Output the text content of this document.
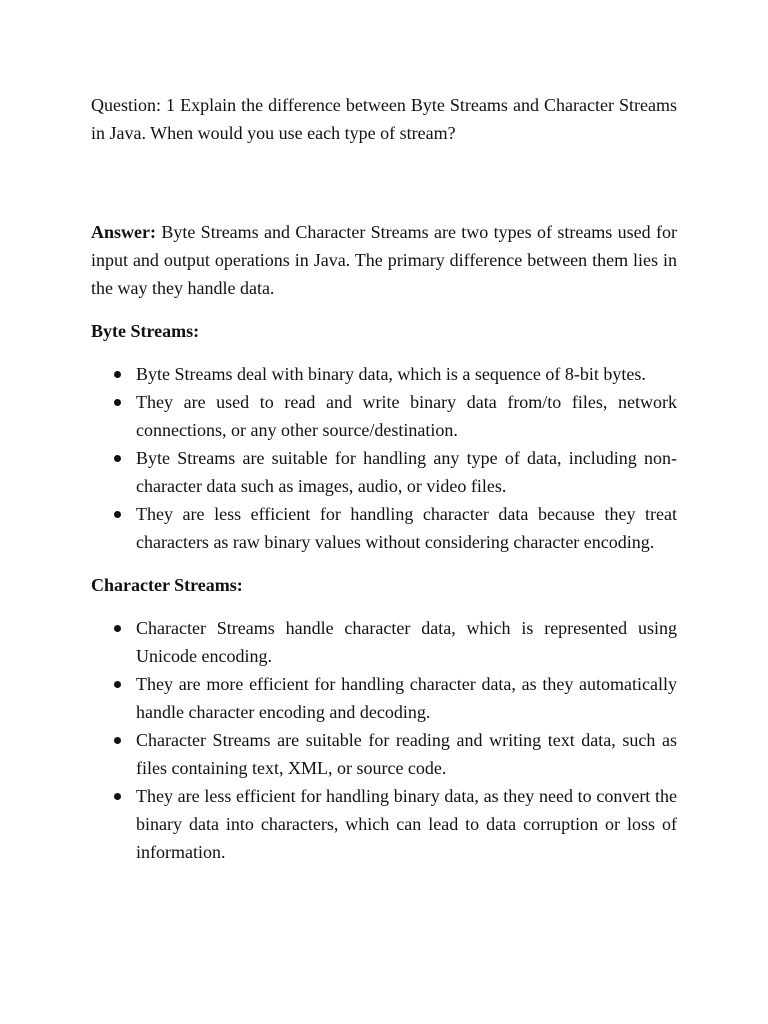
Question: 1 Explain the difference between Byte Streams and Character Streams in Java. When would you use each type of stream?

Answer: Byte Streams and Character Streams are two types of streams used for input and output operations in Java. The primary difference between them lies in the way they handle data.

Byte Streams:

Byte Streams deal with binary data, which is a sequence of 8-bit bytes.
They are used to read and write binary data from/to files, network connections, or any other source/destination.
Byte Streams are suitable for handling any type of data, including non-character data such as images, audio, or video files.
They are less efficient for handling character data because they treat characters as raw binary values without considering character encoding.

Character Streams:

Character Streams handle character data, which is represented using Unicode encoding.
They are more efficient for handling character data, as they automatically handle character encoding and decoding.
Character Streams are suitable for reading and writing text data, such as files containing text, XML, or source code.
They are less efficient for handling binary data, as they need to convert the binary data into characters, which can lead to data corruption or loss of information.
